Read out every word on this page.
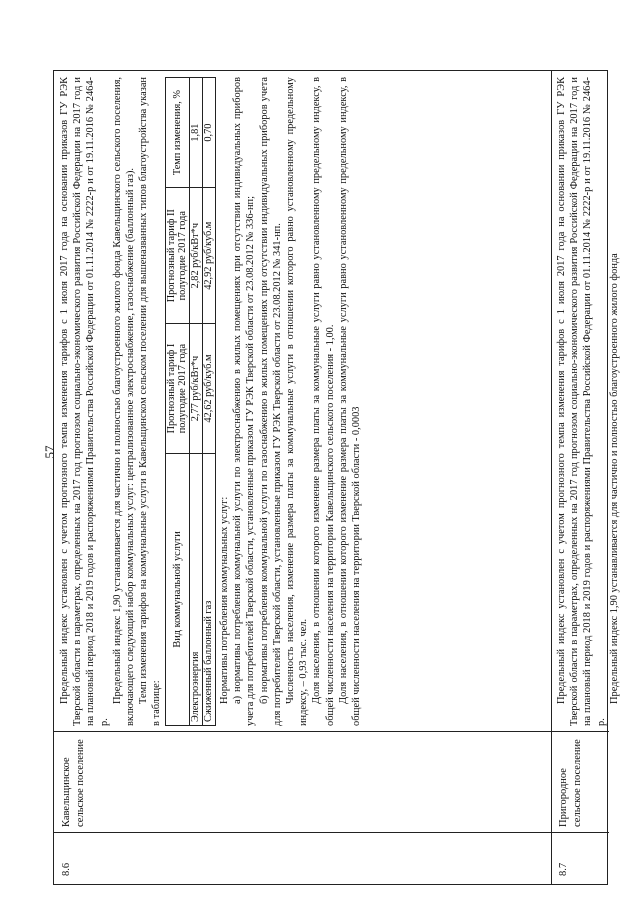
57
8.6
Кавельщинское сельское поселение

Предельный индекс установлен с учетом прогнозного темпа изменения тарифов с 1 июля 2017 года на основании приказов ГУ РЭК Тверской области в параметрах, определенных на 2017 год прогнозом социально-экономического развития Российской Федерации на 2017 год и на плановый период 2018 и 2019 годов и распоряжениями Правительства Российской Федерации от 01.11.2014 № 2222-р и от 19.11.2016 № 2464-р.

Предельный индекс 1,90 устанавливается для частично и полностью благоустроенного жилого фонда Кавельщинского сельского поселения, включающего следующий набор коммунальных услуг: централизованное электроснабжение, газоснабжение (баллонный газ). Темп изменения тарифов на коммунальные услуги в Кавельщинском сельском поселении для вышеназванных типов благоустройства указан в таблице:

Вид коммунальной услуги	Прогнозный тариф I полугодие 2017 года	Прогнозный тариф II полугодие 2017 года	Темп изменения, %
Электроэнергия	2,77 руб/кВт*ч	2,82 руб/кВт*ч	1,81
Сжиженный баллонный газ	42,62 руб/куб.м	42,92 руб/куб.м	0,70

Нормативы потребления коммунальных услуг: а) нормативы потребления коммунальной услуги по электроснабжению в жилых помещениях при отсутствии индивидуальных приборов учета для потребителей Тверской области, установленные приказом ГУ РЭК Тверской области от 23.08.2012 № 336-нп; б) нормативы потребления коммунальной услуги по газоснабжению в жилых помещениях при отсутствии индивидуальных приборов учета для потребителей Тверской области, установленные приказом ГУ РЭК Тверской области от 23.08.2012 № 341-нп. Численность населения, изменение размера платы за коммунальные услуги в отношении которого равно установленному предельному индексу, – 0,93 тыс. чел. Доля населения, в отношении которого изменение размера платы за коммунальные услуги равно установленному предельному индексу, в общей численности населения на территории Кавельщинского сельского поселения - 1,00. Доля населения, в отношении которого изменение размера платы за коммунальные услуги равно установленному предельному индексу, в общей численности населения на территории Тверской области - 0,0003

8.7
Пригородное сельское поселение

Предельный индекс установлен с учетом прогнозного темпа изменения тарифов с 1 июля 2017 года на основании приказов ГУ РЭК Тверской области в параметрах, определенных на 2017 год прогнозом социально-экономического развития Российской Федерации на 2017 год и на плановый период 2018 и 2019 годов и распоряжениями Правительства Российской Федерации от 01.11.2014 № 2222-р и от 19.11.2016 № 2464-р.

Предельный индекс 1,90 устанавливается для частично и полностью благоустроенного жилого фонда
